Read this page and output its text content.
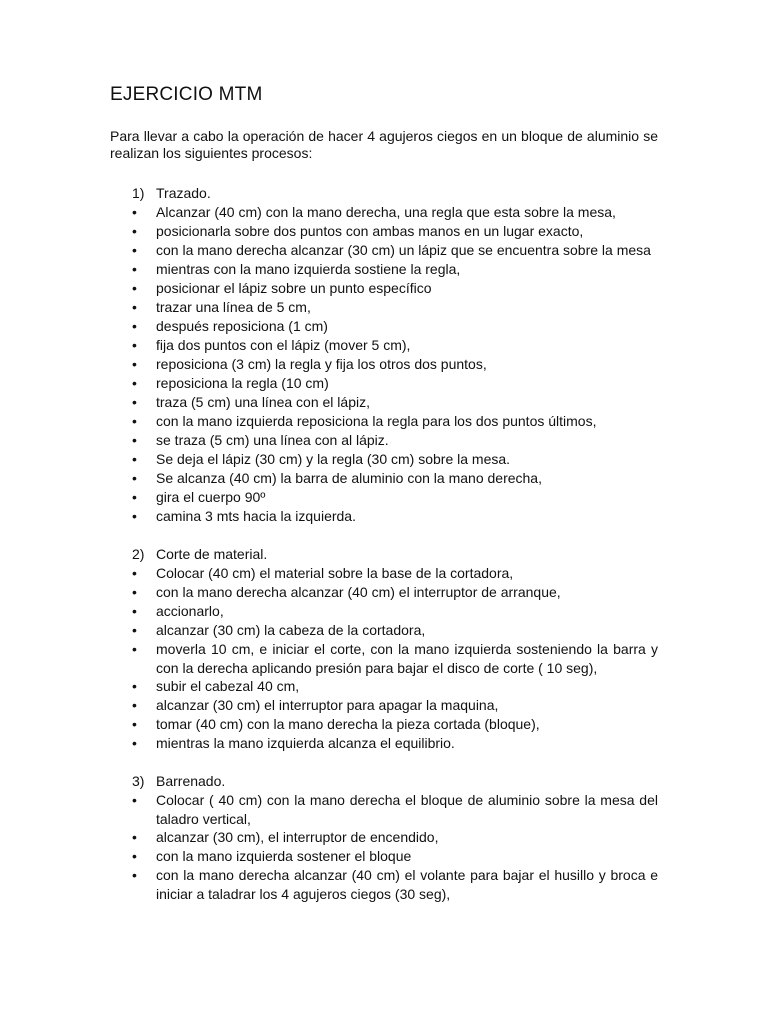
EJERCICIO MTM
Para llevar a cabo la operación de hacer 4 agujeros ciegos en un bloque de aluminio se realizan los siguientes procesos:
1) Trazado.
•	Alcanzar (40 cm) con la mano derecha, una regla que esta sobre la mesa,
•	posicionarla sobre dos puntos con ambas manos en un lugar exacto,
•	con la mano derecha alcanzar (30 cm) un lápiz que se encuentra sobre la mesa
•	mientras con la mano izquierda sostiene la regla,
•	posicionar el lápiz sobre un punto específico
•	trazar una línea de 5 cm,
•	después reposiciona (1 cm)
•	fija dos puntos con el lápiz (mover 5 cm),
•	reposiciona (3 cm) la regla y fija los otros dos puntos,
•	reposiciona la regla (10 cm)
•	traza (5 cm) una línea con el lápiz,
•	con la mano izquierda reposiciona la regla para los dos puntos últimos,
•	se traza (5 cm) una línea con al lápiz.
•	Se deja el lápiz (30 cm) y la regla (30 cm) sobre la mesa.
•	Se alcanza (40 cm) la barra de aluminio con la mano derecha,
•	gira el cuerpo 90º
•	camina 3 mts hacia la izquierda.
2) Corte de material.
•	Colocar (40 cm) el material sobre la base de la cortadora,
•	con la mano derecha alcanzar (40 cm) el interruptor de arranque,
•	accionarlo,
•	alcanzar (30 cm) la cabeza de la cortadora,
•	moverla 10 cm, e iniciar el corte, con la mano izquierda sosteniendo la barra y con la derecha aplicando presión para bajar el disco de corte ( 10 seg),
•	subir el cabezal 40 cm,
•	alcanzar (30 cm) el interruptor para apagar la maquina,
•	tomar (40 cm) con la mano derecha la pieza cortada (bloque),
•	mientras la mano izquierda alcanza el equilibrio.
3) Barrenado.
•	Colocar ( 40 cm) con la mano derecha el bloque de aluminio sobre la mesa del taladro vertical,
•	alcanzar (30 cm), el interruptor de encendido,
•	con la mano izquierda sostener el bloque
•	con la mano derecha alcanzar (40 cm) el volante para bajar el husillo y broca e iniciar a taladrar los 4 agujeros ciegos (30 seg),
